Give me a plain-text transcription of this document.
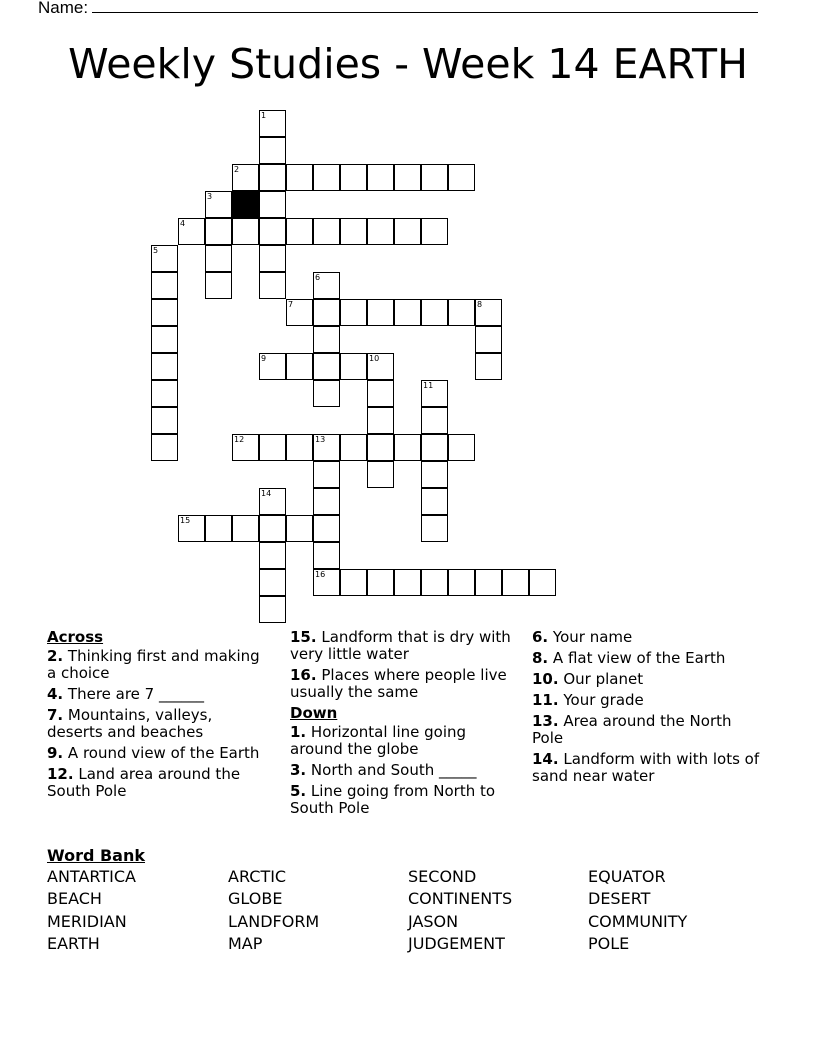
Name:
Weekly Studies - Week 14 EARTH
1
2
3
4
5
6
7	8
9	10
11
12	13
16
14
15
Across
2. Thinking first and making a choice
4. There are 7 ______
7. Mountains, valleys, deserts and beaches
9. A round view of the Earth
12. Land area around the South Pole
15. Landform that is dry with very little water
16. Places where people live usually the same
Down
1. Horizontal line going around the globe
3. North and South _____
5. Line going from North to South Pole
6. Your name
8. A flat view of the Earth
10. Our planet
11. Your grade
13. Area around the North Pole
14. Landform with with lots of sand near water
Word Bank
ANTARTICA	ARCTIC	SECOND	EQUATOR
BEACH	GLOBE	CONTINENTS	DESERT
MERIDIAN	LANDFORM	JASON	COMMUNITY
EARTH	MAP	JUDGEMENT	POLE
